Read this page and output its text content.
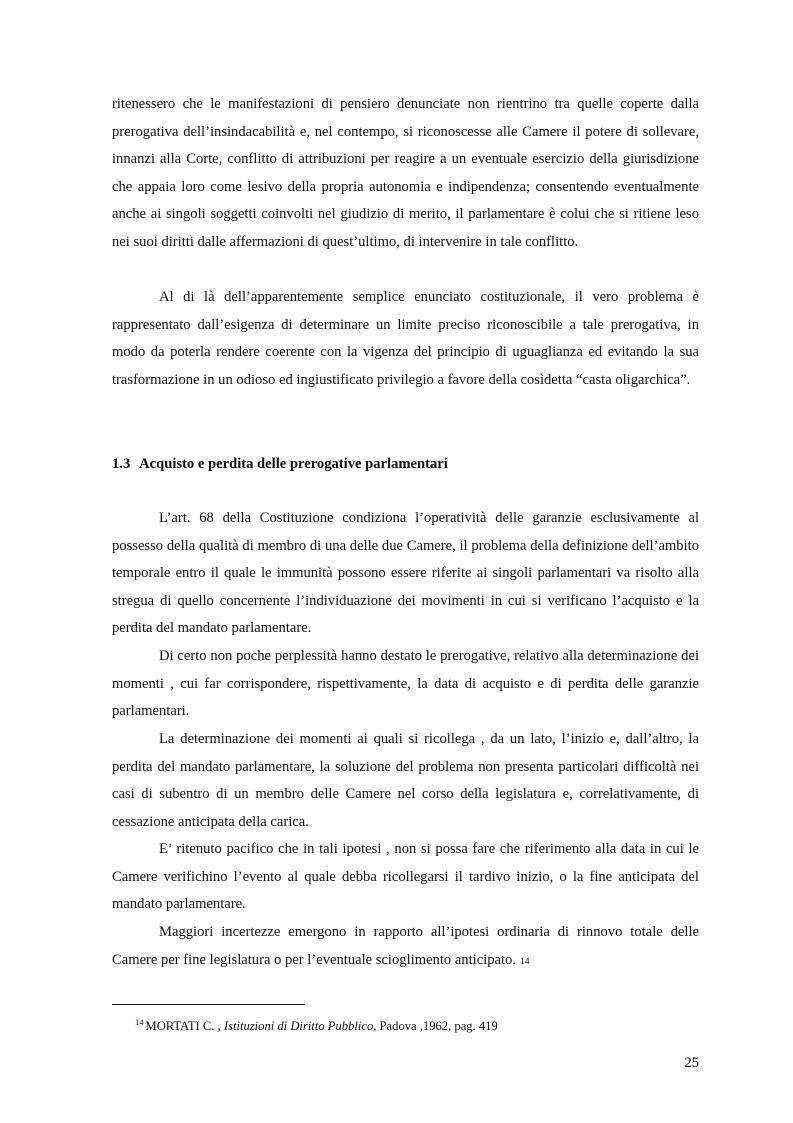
ritenessero che le manifestazioni di pensiero denunciate non rientrino tra quelle coperte dalla prerogativa dell’insindacabilità e, nel contempo, si riconoscesse alle Camere il potere di sollevare, innanzi alla Corte, conflitto di attribuzioni per reagire a un eventuale esercizio della giurisdizione che appaia loro come lesivo della propria autonomia e indipendenza; consentendo eventualmente anche ai singoli soggetti coinvolti nel giudizio di merito, il parlamentare è colui che si ritiene leso nei suoi diritti dalle affermazioni di quest’ultimo, di intervenire in tale conflitto.

Al di là dell’apparentemente semplice enunciato costituzionale, il vero problema è rappresentato dall’esigenza di determinare un limite preciso riconoscibile a tale prerogativa, in modo da poterla rendere coerente con la vigenza del principio di uguaglianza ed evitando la sua trasformazione in un odioso ed ingiustificato privilegio a favore della cosìdetta “casta oligarchica”.

1.3 Acquisto e perdita delle prerogative parlamentari

L’art. 68 della Costituzione condiziona l’operatività delle garanzie esclusivamente al possesso della qualità di membro di una delle due Camere, il problema della definizione dell’ambito temporale entro il quale le immunità possono essere riferite ai singoli parlamentari va risolto alla stregua di quello concernente l’individuazione dei movimenti in cui si verificano l’acquisto e la perdita del mandato parlamentare.

Di certo non poche perplessità hanno destato le prerogative, relativo alla determinazione dei momenti , cui far corrispondere, rispettivamente, la data di acquisto e di perdita delle garanzie parlamentari.

La determinazione dei momenti ai quali si ricollega , da un lato, l’inizio e, dall’altro, la perdita del mandato parlamentare, la soluzione del problema non presenta particolari difficoltà nei casi di subentro di un membro delle Camere nel corso della legislatura e, correlativamente, di cessazione anticipata della carica.

E’ ritenuto pacifico che in tali ipotesi , non si possa fare che riferimento alla data in cui le Camere verifichino l’evento al quale debba ricollegarsi il tardivo inizio, o la fine anticipata del mandato parlamentare.

Maggiori incertezze emergono in rapporto all’ipotesi ordinaria di rinnovo totale delle Camere per fine legislatura o per l’eventuale scioglimento anticipato. 14

$^{14}$ MORTATI C. , Istituzioni di Diritto Pubblico, Padova ,1962, pag. 419

25
